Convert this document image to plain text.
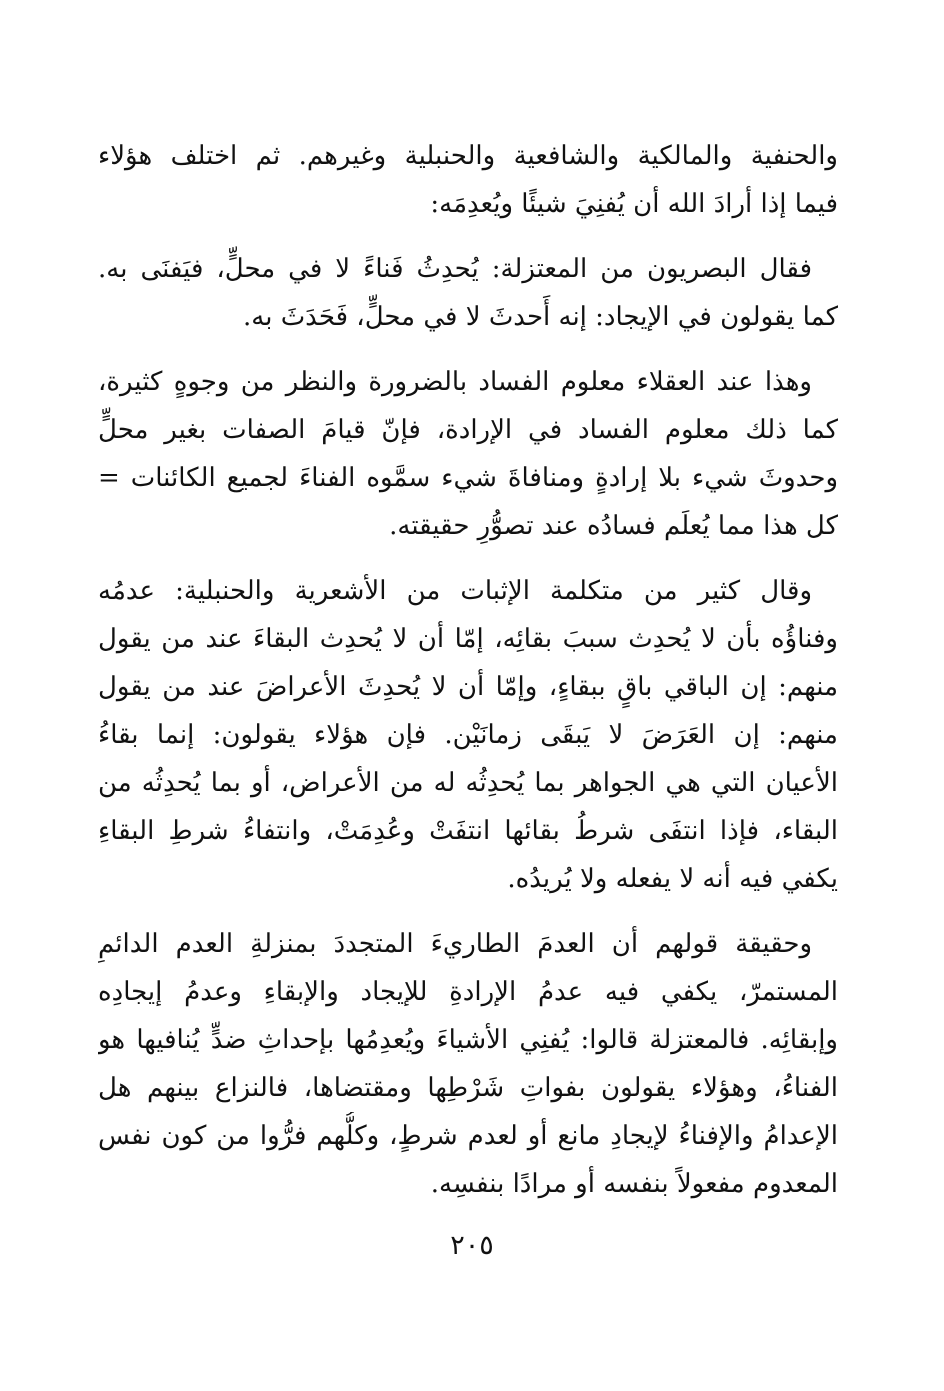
والحنفية والمالكية والشافعية والحنبلية وغيرهم. ثم اختلف هؤلاء
فيما إذا أرادَ الله أن يُفنِيَ شيئًا ويُعدِمَه:
فقال البصريون من المعتزلة: يُحدِثُ فَناءً لا في محلٍّ، فيَفنَى به.
كما يقولون في الإيجاد: إنه أَحدثَ لا في محلٍّ، فَحَدَثَ به.
وهذا عند العقلاء معلوم الفساد بالضرورة والنظر من وجوهٍ كثيرة،
كما ذلك معلوم الفساد في الإرادة، فإنّ قيامَ الصفات بغير محلٍّ
وحدوثَ شيء بلا إرادةٍ ومنافاةَ شيء سمَّوه الفناءَ لجميع الكائنات =
كل هذا مما يُعلَم فسادُه عند تصوُّرِ حقيقته.
وقال كثير من متكلمة الإثبات من الأشعرية والحنبلية: عدمُه
وفناؤُه بأن لا يُحدِث سببَ بقائِه، إمّا أن لا يُحدِث البقاءَ عند من يقول
منهم: إن الباقي باقٍ ببقاءٍ، وإمّا أن لا يُحدِثَ الأعراضَ عند من يقول
منهم: إن العَرَضَ لا يَبقَى زمانَيْن. فإن هؤلاء يقولون: إنما بقاءُ
الأعيان التي هي الجواهر بما يُحدِثُه له من الأعراض، أو بما يُحدِثُه من
البقاء، فإذا انتفَى شرطُ بقائها انتفَتْ وعُدِمَتْ، وانتفاءُ شرطِ البقاءِ
يكفي فيه أنه لا يفعله ولا يُريدُه.
وحقيقة قولهم أن العدمَ الطاريءَ المتجددَ بمنزلةِ العدم الدائمِ
المستمرّ، يكفي فيه عدمُ الإرادةِ للإيجاد والإبقاءِ وعدمُ إيجادِه
وإبقائِه. فالمعتزلة قالوا: يُفنِي الأشياءَ ويُعدِمُها بإحداثِ ضدٍّ يُنافيها هو
الفناءُ، وهؤلاء يقولون بفواتِ شَرْطِها ومقتضاها، فالنزاع بينهم هل
الإعدامُ والإفناءُ لإيجادِ مانع أو لعدم شرطٍ، وكلُّهم فرُّوا من كون نفس
المعدوم مفعولاً بنفسه أو مرادًا بنفسِه.
٢٠٥
